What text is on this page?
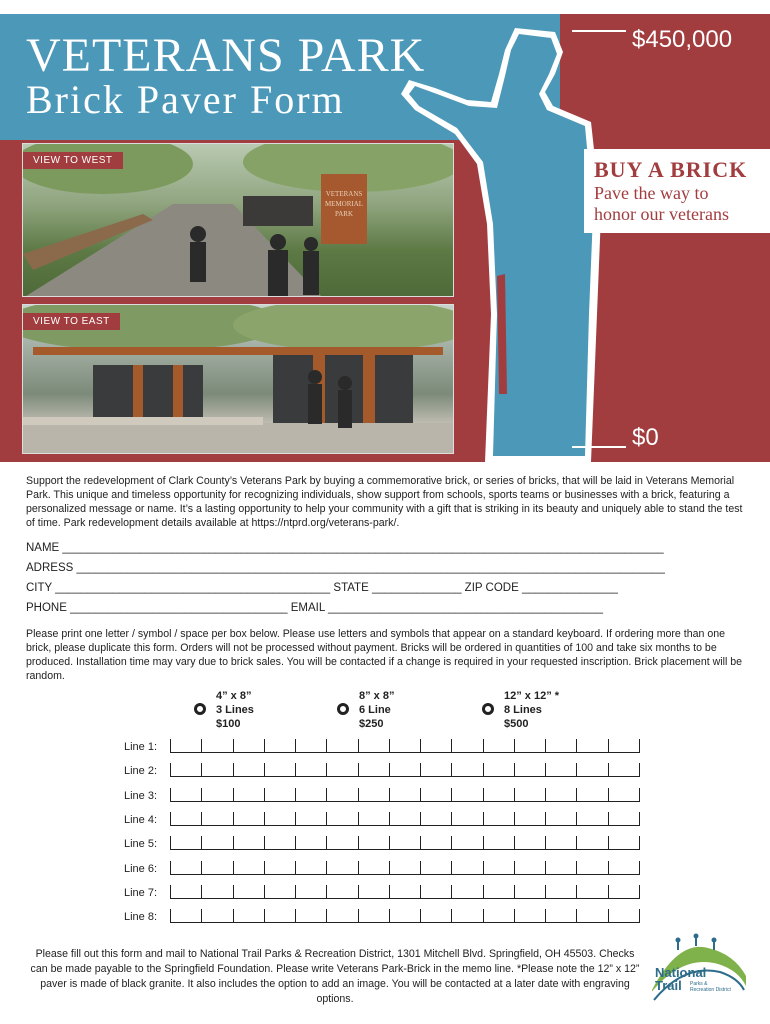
VETERANS PARK
Brick Paver Form
$450,000
$0
BUY A BRICK
Pave the way to
honor our veterans
VETERANS
MEMORIAL
PARK
VIEW TO WEST
VIEW TO EAST
Support the redevelopment of Clark County’s Veterans Park by buying a commemorative brick, or series of bricks, that will be laid in Veterans Memorial Park. This unique and timeless opportunity for recognizing individuals, show support from schools, sports teams or businesses with a brick, featuring a personalized message or name. It’s a lasting opportunity to help your community with a gift that is striking in its beauty and uniquely able to stand the test of time. Park redevelopment details available at https://ntprd.org/veterans-park/.
NAME ______________________________________________________________________________________________
ADRESS ____________________________________________________________________________________________
CITY ___________________________________________ STATE ______________ ZIP CODE _______________
PHONE __________________________________ EMAIL ___________________________________________
Please print one letter / symbol / space per box below. Please use letters and symbols that appear on a standard keyboard. If ordering more than one brick, please duplicate this form. Orders will not be processed without payment. Bricks will be ordered in quantities of 100 and take six months to be produced. Installation time may vary due to brick sales. You will be contacted if a change is required in your requested inscription. Brick placement will be random.
4” x 8”
3 Lines
$100
8” x 8”
6 Line
$250
12” x 12” *
8 Lines
$500
Line 1:
Line 2:
Line 3:
Line 4:
Line 5:
Line 6:
Line 7:
Line 8:
Please fill out this form and mail to National Trail Parks & Recreation District, 1301 Mitchell Blvd. Springfield, OH 45503. Checks can be made payable to the Springfield Foundation. Please write Veterans Park-Brick in the memo line. *Please note the 12” x 12” paver is made of black granite. It also includes the option to add an image. You will be contacted at a later date with engraving options.
National
Trail	Parks &
Recreation District
